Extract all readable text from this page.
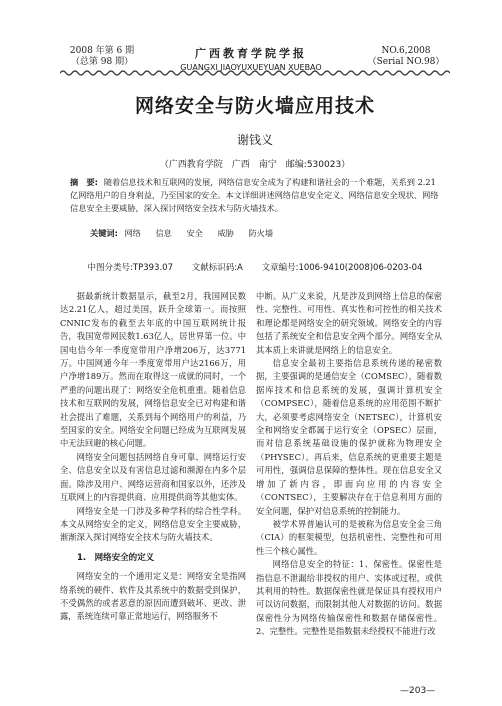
2008 年第 6 期
（总第 98 期）
广西教育学院学报
GUANGXI JIAOYUXUEYUAN XUEBAO
NO.6,2008
（Serial NO.98）
网络安全与防火墙应用技术
谢钱义
（广西教育学院　广西　南宁　邮编:530023）
摘　要: 随着信息技术和互联网的发展，网络信息安全成为了构建和谐社会的一个难题，关系到 2.21 亿网络用户的自身利益，乃至国家的安全。本文详细讲述网络信息安全定义、网络信息安全现状、网络信息安全主要威胁，深入探讨网络安全技术与防火墙技术。
关键词: 网络 信息 安全 威胁 防火墙
中图分类号:TP393.07 文献标识码:A 文章编号:1006-9410(2008)06-0203-04

据最新统计数据显示，截至2月，我国网民数达2.21亿人，超过美国，跃升全球第一。而按照CNNIC发布的截至去年底的中国互联网统计报告，我国宽带网民数1.63亿人，居世界第一位。中国电信今年一季度宽带用户净增206万，达3771万。中国网通今年一季度宽带用户达2166万，用户净增189万。然而在取得这一成就的同时，一个严重的问题出现了：网络安全危机重重。随着信息技术和互联网的发展，网络信息安全已对构建和谐社会提出了难题，关系到每个网络用户的利益，乃至国家的安全。网络安全问题已经成为互联网发展中无法回避的核心问题。

网络安全问题包括网络自身可靠、网络运行安全、信息安全以及有害信息过滤和濒源在内多个层面。除涉及用户、网络运营商和国家以外，还涉及互联网上的内容提供商、应用提供商等其他实体。

网络安全是一门涉及多种学科的综合性学科。本文从网络安全的定义，网络信息安全主要威胁，渐渐深入探讨网络安全技术与防火墙技术。

1.　网络安全的定义

网络安全的一个通用定义是：网络安全是指网络系统的硬件、软件及其系统中的数据受到保护，不受偶然的或者恶意的原因而遭到破坏、更改、泄露，系统连续可靠正常地运行，网络服务不

中断。从广义来说，凡是涉及到网络上信息的保密性、完整性、可用性、真实性和可控性的相关技术和理论都是网络安全的研究领域。网络安全的内容包括了系统安全和信息安全两个部分。网络安全从其本质上来讲就是网络上的信息安全。

信息安全最初主要指信息系统传递的秘密数据，主要强调的是通信安全（COMSEC），随着数据库技术和信息系统的发展，强调计算机安全（COMPSEC），随着信息系统的应用范围不断扩大，必须要考虑网络安全（NETSEC），计算机安全和网络安全都属于运行安全（OPSEC）层面，而对信息系统基础设施的保护就称为物理安全（PHYSEC）。再后来，信息系统的更重要主题是可用性，强调信息保障的整体性。现在信息安全又增加了新内容，即面向应用的内容安全（CONTSEC），主要解决存在于信息利用方面的安全问题，保护对信息系统的控制能力。

被学术界普遍认可的是被称为信息安全金三角（CIA）的框架模型，包括机密性、完整性和可用性三个核心属性。

网络信息安全的特征：1、保密性。保密性是指信息不泄漏给非授权的用户、实体或过程，或供其利用的特性。数据保密性就是保证具有授权用户可以访问数据，而限制其他人对数据的访问。数据保密性分为网络传输保密性和数据存储保密性。2、完整性。完整性是指数据未经授权不能进行改

—203—
